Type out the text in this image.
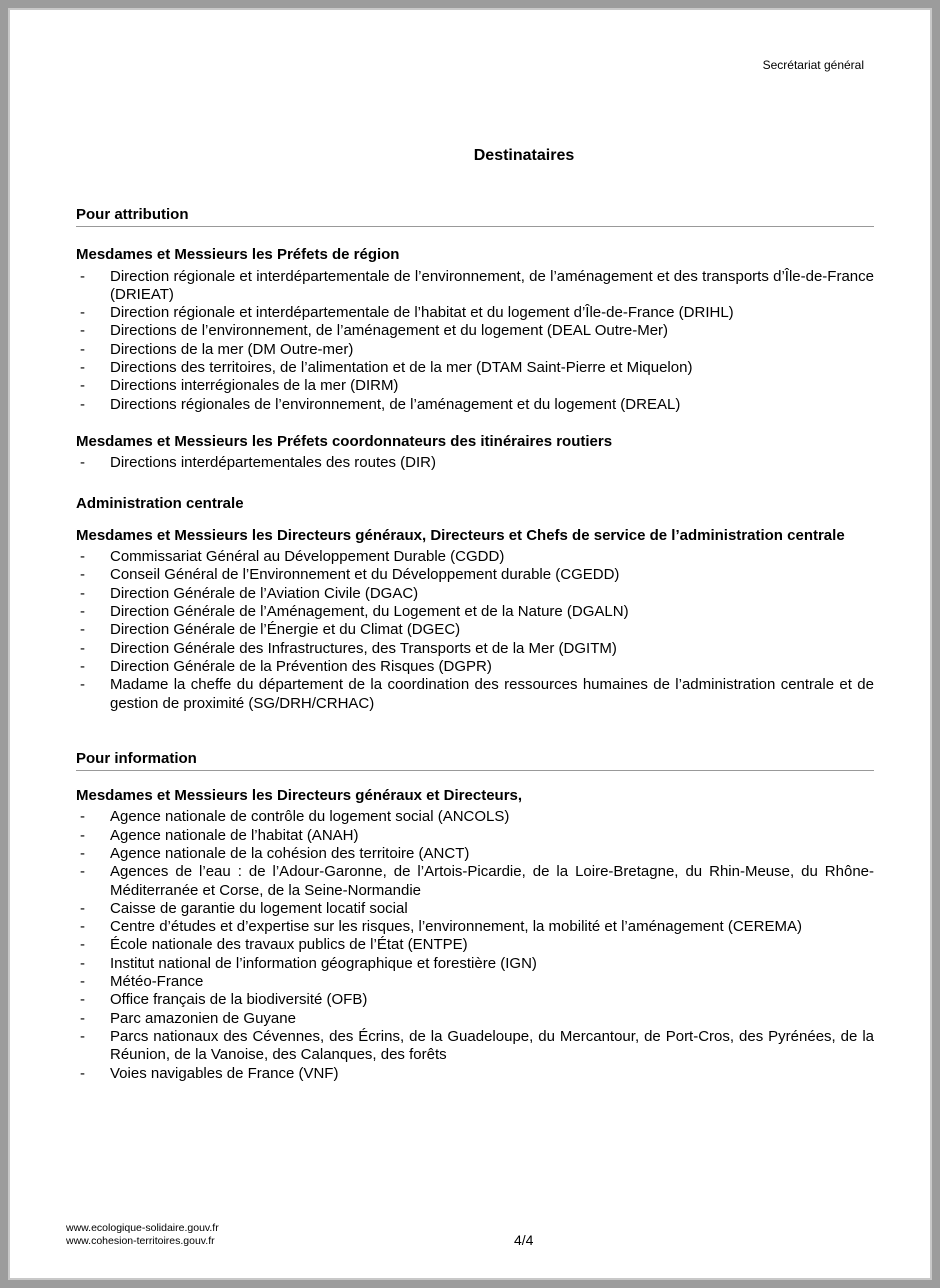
Secrétariat général
Destinataires
Pour attribution
Mesdames et Messieurs les Préfets de région
- Direction régionale et interdépartementale de l’environnement, de l’aménagement et des transports d’Île-de-France (DRIEAT)
- Direction régionale et interdépartementale de l’habitat et du logement d’Île-de-France (DRIHL)
- Directions de l’environnement, de l’aménagement et du logement (DEAL Outre-Mer)
- Directions de la mer (DM Outre-mer)
- Directions des territoires, de l’alimentation et de la mer (DTAM Saint-Pierre et Miquelon)
- Directions interrégionales de la mer (DIRM)
- Directions régionales de l’environnement, de l’aménagement et du logement (DREAL)
Mesdames et Messieurs les Préfets coordonnateurs des itinéraires routiers
- Directions interdépartementales des routes (DIR)
Administration centrale
Mesdames et Messieurs les Directeurs généraux, Directeurs et Chefs de service de l’administration centrale
- Commissariat Général au Développement Durable (CGDD)
- Conseil Général de l’Environnement et du Développement durable (CGEDD)
- Direction Générale de l’Aviation Civile (DGAC)
- Direction Générale de l’Aménagement, du Logement et de la Nature (DGALN)
- Direction Générale de l’Énergie et du Climat (DGEC)
- Direction Générale des Infrastructures, des Transports et de la Mer (DGITM)
- Direction Générale de la Prévention des Risques (DGPR)
- Madame la cheffe du département de la coordination des ressources humaines de l’administration centrale et de gestion de proximité (SG/DRH/CRHAC)
Pour information
Mesdames et Messieurs les Directeurs généraux et Directeurs,
- Agence nationale de contrôle du logement social (ANCOLS)
- Agence nationale de l’habitat (ANAH)
- Agence nationale de la cohésion des territoire (ANCT)
- Agences de l’eau : de l’Adour-Garonne, de l’Artois-Picardie, de la Loire-Bretagne, du Rhin-Meuse, du Rhône-Méditerranée et Corse, de la Seine-Normandie
- Caisse de garantie du logement locatif social
- Centre d’études et d’expertise sur les risques, l’environnement, la mobilité et l’aménagement (CEREMA)
- École nationale des travaux publics de l’État (ENTPE)
- Institut national de l’information géographique et forestière (IGN)
- Météo-France
- Office français de la biodiversité (OFB)
- Parc amazonien de Guyane
- Parcs nationaux des Cévennes, des Écrins, de la Guadeloupe, du Mercantour, de Port-Cros, des Pyrénées, de la Réunion, de la Vanoise, des Calanques, des forêts
- Voies navigables de France (VNF)
www.ecologique-solidaire.gouv.fr
www.cohesion-territoires.gouv.fr	4/4
